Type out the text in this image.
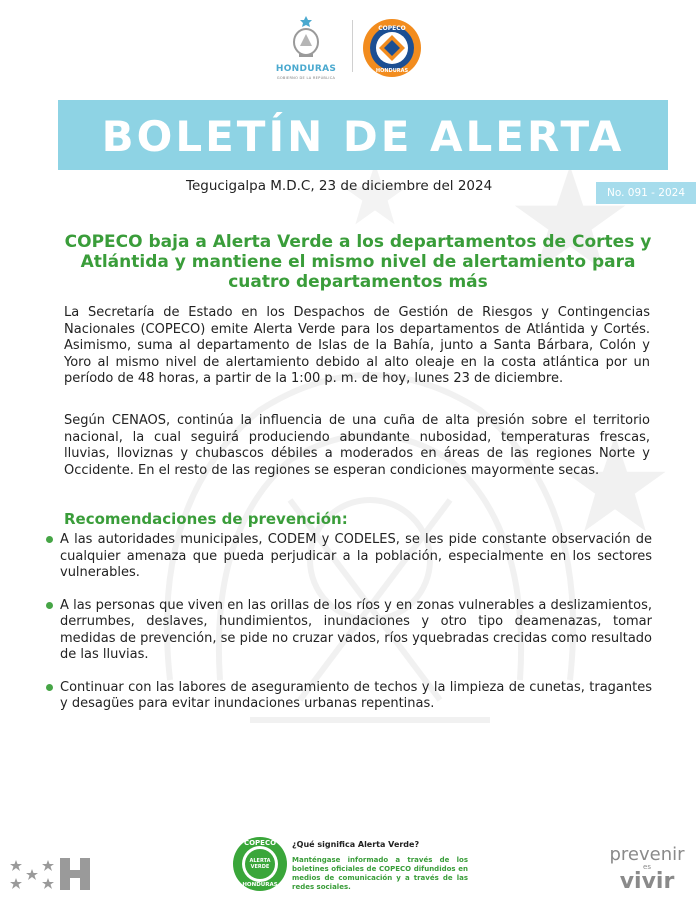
HONDURAS
GOBIERNO DE LA REPÚBLICA
COPECO
HONDURAS
BOLETÍN DE ALERTA
Tegucigalpa M.D.C, 23 de diciembre del 2024	No. 091 - 2024
COPECO baja a Alerta Verde a los departamentos de Cortes y Atlántida y mantiene el mismo nivel de alertamiento para cuatro departamentos más

La Secretaría de Estado en los Despachos de Gestión de Riesgos y Contingencias Nacionales (COPECO) emite Alerta Verde para los departamentos de Atlántida y Cortés. Asimismo, suma al departamento de Islas de la Bahía, junto a Santa Bárbara, Colón y Yoro al mismo nivel de alertamiento debido al alto oleaje en la costa atlántica por un período de 48 horas, a partir de la 1:00 p. m. de hoy, lunes 23 de diciembre.

Según CENAOS, continúa la influencia de una cuña de alta presión sobre el territorio nacional, la cual seguirá produciendo abundante nubosidad, temperaturas frescas, lluvias, lloviznas y chubascos débiles a moderados en áreas de las regiones Norte y Occidente. En el resto de las regiones se esperan condiciones mayormente secas.

Recomendaciones de prevención:
A las autoridades municipales, CODEM y CODELES, se les pide constante observación de cualquier amenaza que pueda perjudicar a la población, especialmente en los sectores vulnerables.
A las personas que viven en las orillas de los ríos y en zonas vulnerables a deslizamientos, derrumbes, deslaves, hundimientos, inundaciones y otro tipo deamenazas, tomar medidas de prevención, se pide no cruzar vados, ríos yquebradas crecidas como resultado de las lluvias.
Continuar con las labores de aseguramiento de techos y la limpieza de cunetas, tragantes y desagües para evitar inundaciones urbanas repentinas.
COPECO
ALERTA VERDE
HONDURAS
¿Qué significa Alerta Verde?
Manténgase informado a través de los boletines oficiales de COPECO difundidos en medios de comunicación y a través de las redes sociales.
prevenir
es
vivir
